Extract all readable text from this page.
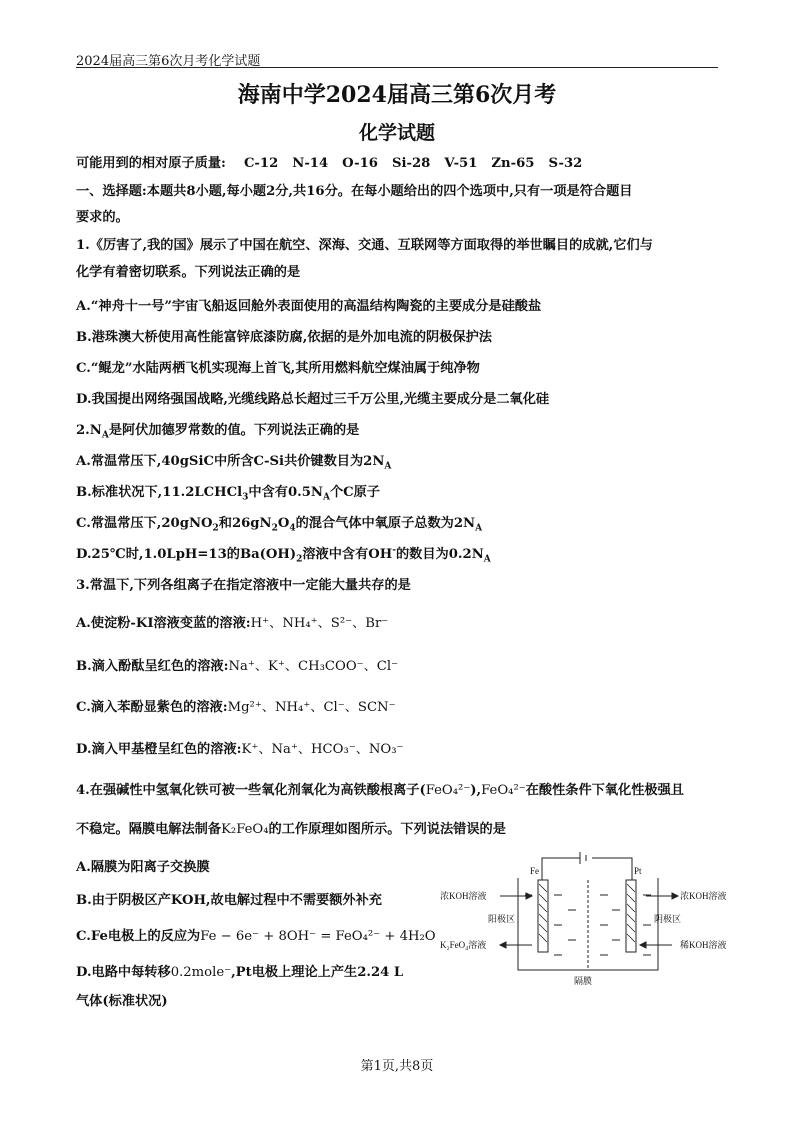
2024届高三第6次月考化学试题
海南中学2024届高三第6次月考
化学试题
可能用到的相对原子质量: C-12 N-14 O-16 Si-28 V-51 Zn-65 S-32
一、选择题:本题共8小题,每小题2分,共16分。在每小题给出的四个选项中,只有一项是符合题目
要求的。
1.《厉害了,我的国》展示了中国在航空、深海、交通、互联网等方面取得的举世瞩目的成就,它们与
化学有着密切联系。下列说法正确的是
A.“神舟十一号”宇宙飞船返回舱外表面使用的高温结构陶瓷的主要成分是硅酸盐
B.港珠澳大桥使用高性能富锌底漆防腐,依据的是外加电流的阴极保护法
C.“鲲龙”水陆两栖飞机实现海上首飞,其所用燃料航空煤油属于纯净物
D.我国提出网络强国战略,光缆线路总长超过三千万公里,光缆主要成分是二氧化硅
$2.N_A$是阿伏加德罗常数的值。下列说法正确的是
A.常温常压下,40gSiC中所含C-Si共价键数目为$2N_A$
B.标准状况下,11.2LCHCl$_3$中含有$0.5N_A$个C原子
C.常温常压下,20gNO$_2$和$26gN_2O_4$的混合气体中氧原子总数为$2N_A$
D.25℃时,1.0LpH=13的$Ba(OH)_2$溶液中含有OH-的数目为$0.2N_A$
3.常温下,下列各组离子在指定溶液中一定能大量共存的是
A.使淀粉-KI溶液变蓝的溶液:H⁺、NH₄⁺、S²⁻、Br⁻
B.滴入酚酞呈红色的溶液:Na⁺、K⁺、CH₃COO⁻、Cl⁻
C.滴入苯酚显紫色的溶液:Mg²⁺、NH₄⁺、Cl⁻、SCN⁻
D.滴入甲基橙呈红色的溶液:K⁺、Na⁺、HCO₃⁻、NO₃⁻
4.在强碱性中氢氧化铁可被一些氧化剂氧化为高铁酸根离子(FeO₄²⁻),FeO₄²⁻在酸性条件下氧化性极强且
不稳定。隔膜电解法制备K₂FeO₄的工作原理如图所示。下列说法错误的是
A.隔膜为阳离子交换膜
B.由于阴极区产KOH,故电解过程中不需要额外补充
C.Fe电极上的反应为Fe − 6e⁻ + 8OH⁻ = FeO₄²⁻ + 4H₂O
D.电路中每转移0.2mole⁻,Pt电极上理论上产生2.24 L
气体(标准状况)
Fe	Pt
浓KOH溶液
阳极区
K₂FeO₄溶液
浓KOH溶液
阴极区
稀KOH溶液
隔膜
第1页,共8页
